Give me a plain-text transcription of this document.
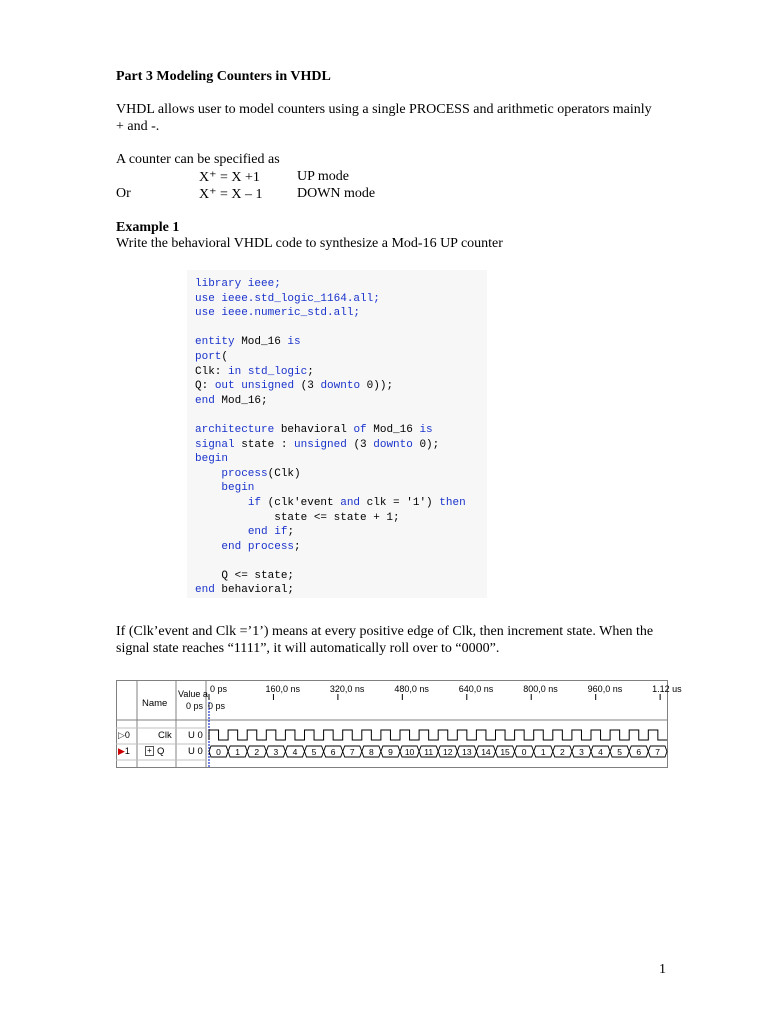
Part 3 Modeling Counters in VHDL
VHDL allows user to model counters using a single PROCESS and arithmetic operators mainly
+ and -.
A counter can be specified as
X⁺ = X +1	UP mode
Or	X⁺ = X – 1 DOWN mode
Example 1
Write the behavioral VHDL code to synthesize a Mod-16 UP counter
library ieee;
use ieee.std_logic_1164.all;
use ieee.numeric_std.all;

entity Mod_16 is
port(
Clk: in std_logic;
Q: out unsigned (3 downto 0));
end Mod_16;

architecture behavioral of Mod_16 is
signal state : unsigned (3 downto 0);
begin
process(Clk)
begin
if (clk'event and clk = '1') then
state <= state + 1;
end if;
end process;

Q <= state;
end behavioral;
If (Clk’event and Clk =’1’) means at every positive edge of Clk, then increment state. When the
signal state reaches “1111”, it will automatically roll over to “0000”.
0 ps	160,0 ns	320,0 ns	480,0 ns	640,0 ns	800,0 ns	960,0 ns	1.12 us
0 1 2 3 4 5 6 7 8 9 10 11 12 13 14 15 0 1 2 3 4 5 6 7
Name
Value a
0 ps 0 ps
▷0	Clk U 0
▶1 + Q U 0
1
